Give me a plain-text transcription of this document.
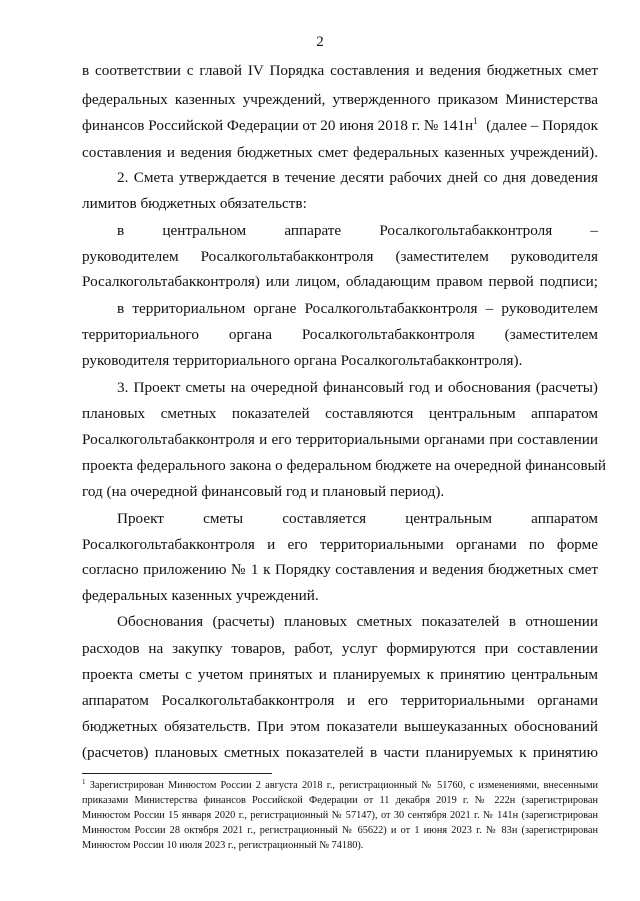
2
в соответствии с главой IV Порядка составления и ведения бюджетных смет
федеральных казенных учреждений, утвержденного приказом Министерства
финансов Российской Федерации от 20 июня 2018 г. № $141н^1$ (далее – Порядок
составления и ведения бюджетных смет федеральных казенных учреждений).
2. Смета утверждается в течение десяти рабочих дней со дня доведения
лимитов бюджетных обязательств:
в центральном аппарате Росалкогольтабакконтроля –
руководителем Росалкогольтабакконтроля (заместителем руководителя
Росалкогольтабакконтроля) или лицом, обладающим правом первой подписи;
в территориальном органе Росалкогольтабакконтроля – руководителем
территориального органа Росалкогольтабакконтроля (заместителем
руководителя территориального органа Росалкогольтабакконтроля).
3. Проект сметы на очередной финансовый год и обоснования (расчеты)
плановых сметных показателей составляются центральным аппаратом
Росалкогольтабакконтроля и его территориальными органами при составлении
проекта федерального закона о федеральном бюджете на очередной финансовый
год (на очередной финансовый год и плановый период).
Проект сметы составляется центральным аппаратом
Росалкогольтабакконтроля и его территориальными органами по форме
согласно приложению № 1 к Порядку составления и ведения бюджетных смет
федеральных казенных учреждений.
Обоснования (расчеты) плановых сметных показателей в отношении
расходов на закупку товаров, работ, услуг формируются при составлении
проекта сметы с учетом принятых и планируемых к принятию центральным
аппаратом Росалкогольтабакконтроля и его территориальными органами
бюджетных обязательств. При этом показатели вышеуказанных обоснований
(расчетов) плановых сметных показателей в части планируемых к принятию
$^1$ Зарегистрирован Минюстом России 2 августа 2018 г., регистрационный № 51760, с изменениями, внесенными
приказами Министерства финансов Российской Федерации от 11 декабря 2019 г. № 222н (зарегистрирован
Минюстом России 15 января 2020 г., регистрационный № 57147), от 30 сентября 2021 г. № 141н (зарегистрирован
Минюстом России 28 октября 2021 г., регистрационный № 65622) и от 1 июня 2023 г. № 83н (зарегистрирован
Минюстом России 10 июля 2023 г., регистрационный № 74180).
